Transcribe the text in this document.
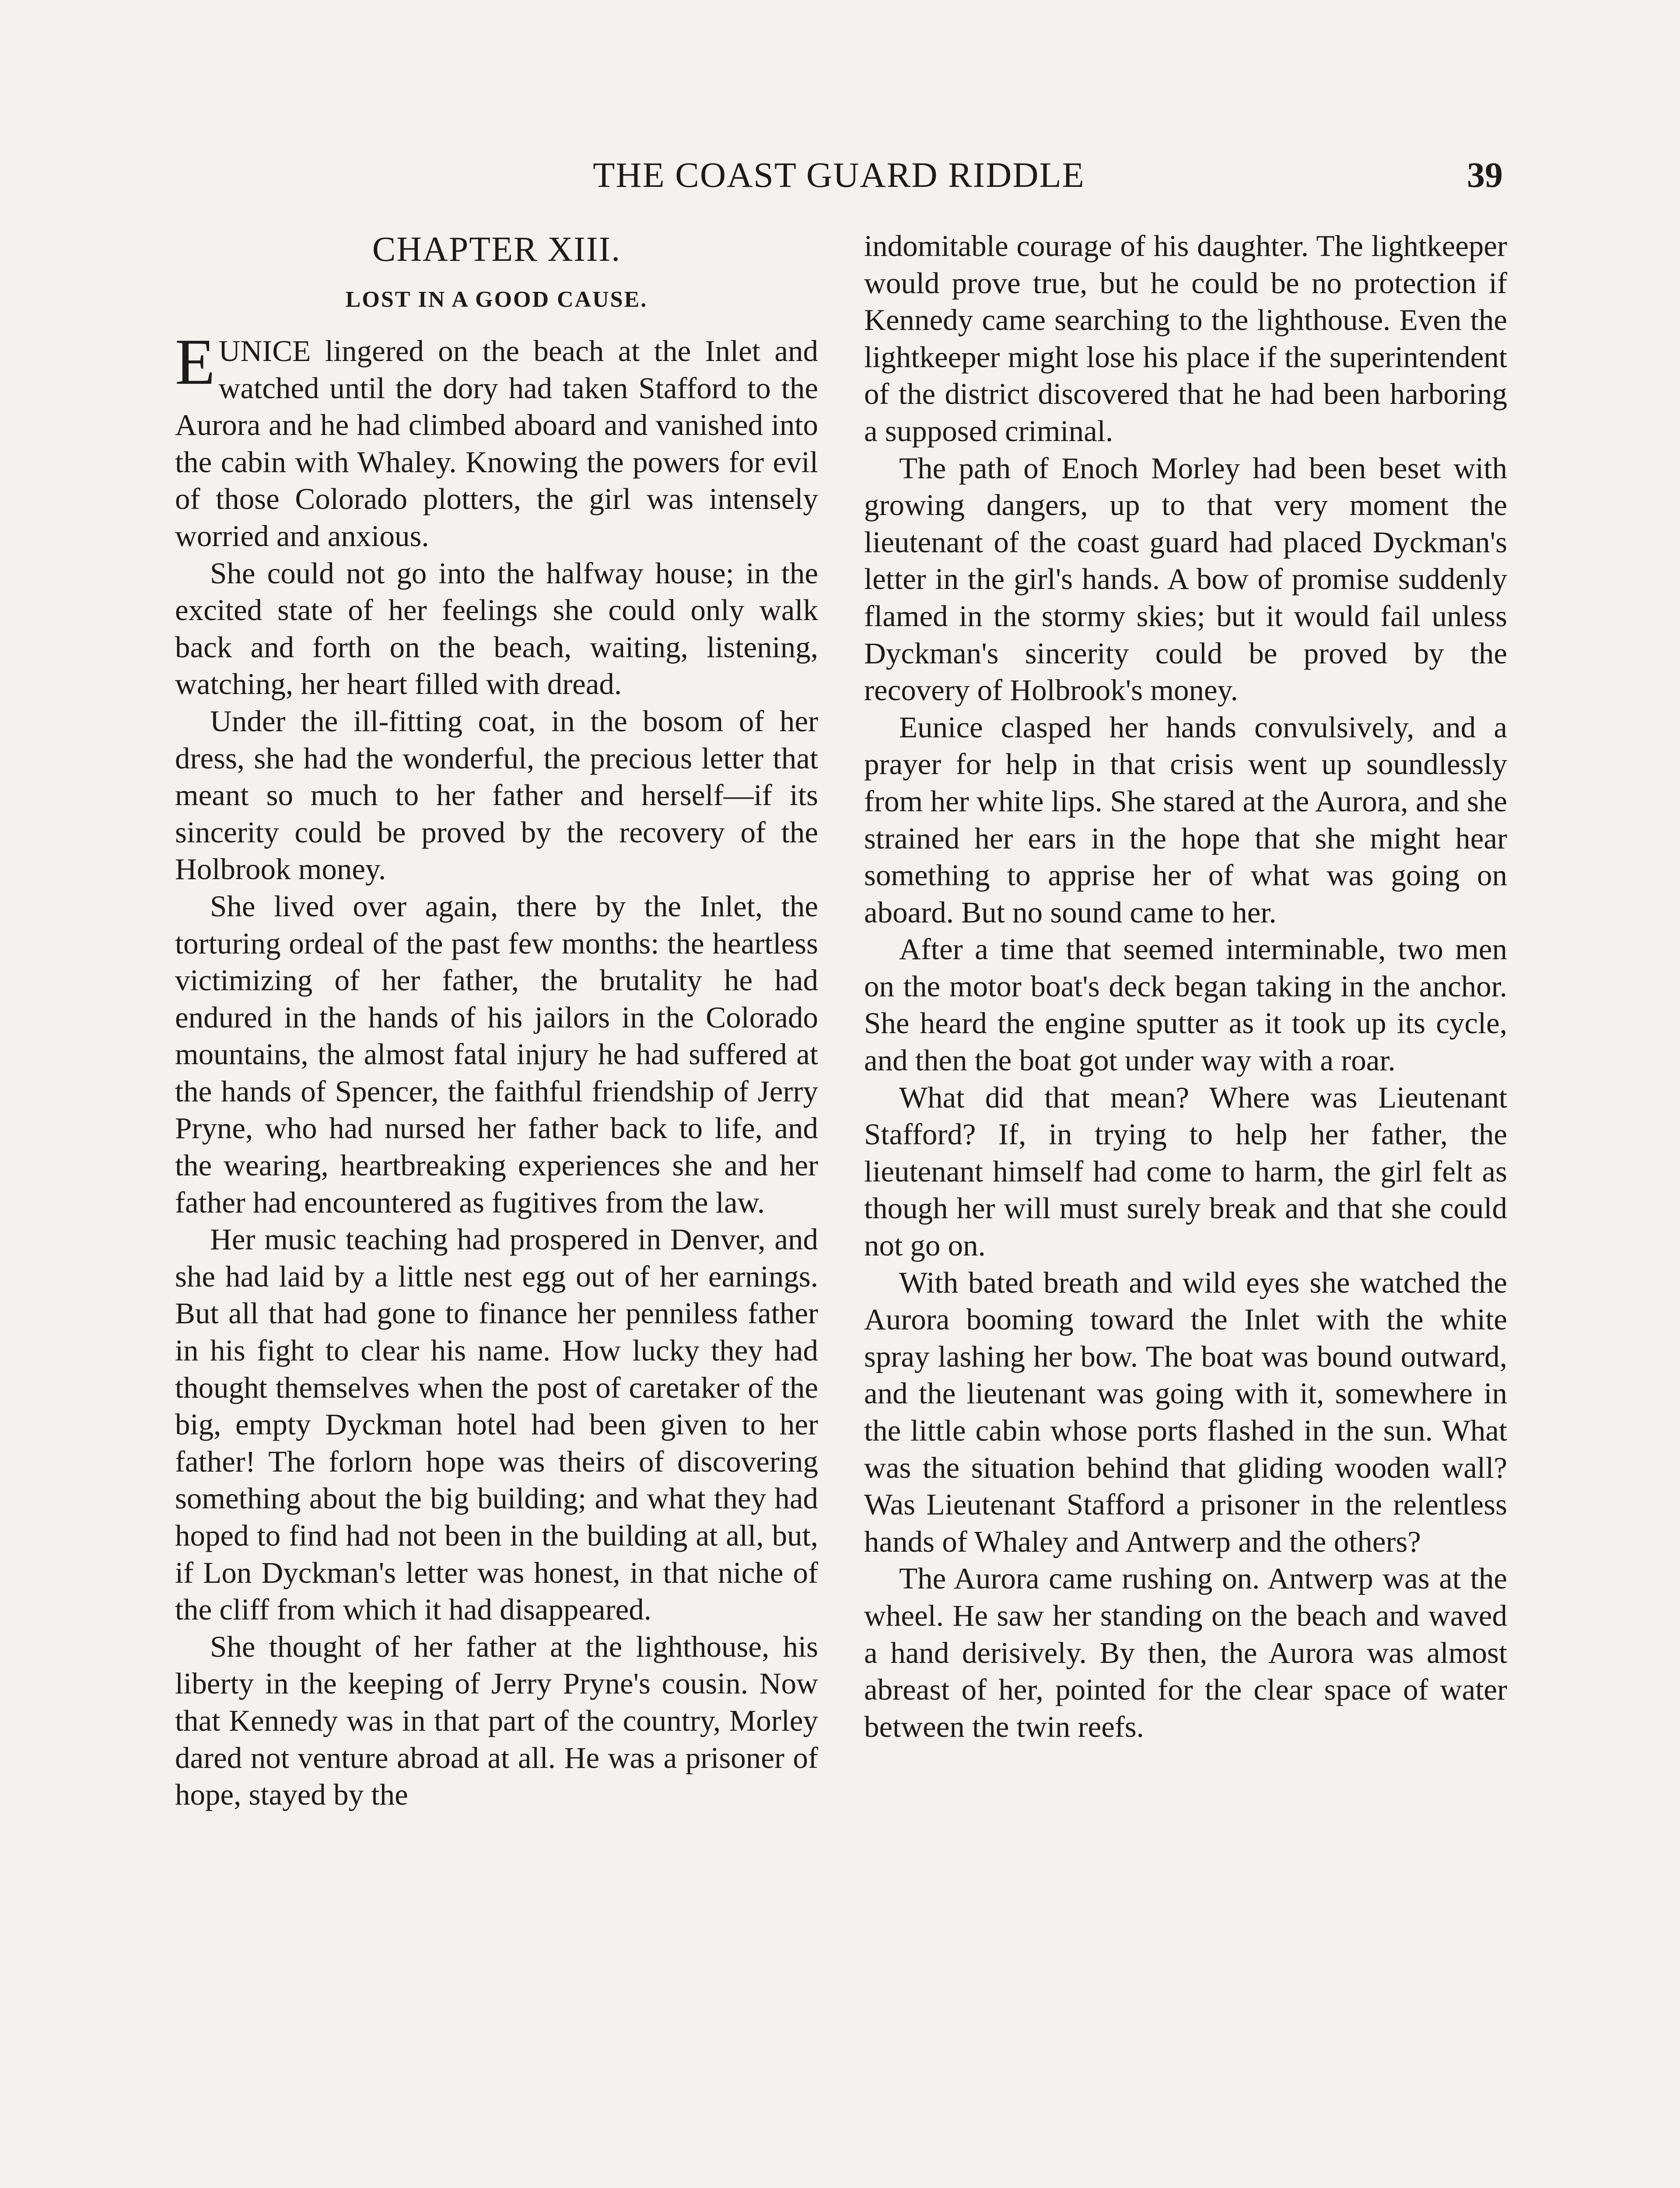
THE COAST GUARD RIDDLE	39
CHAPTER XIII.
LOST IN A GOOD CAUSE.

EUNICE lingered on the beach at the Inlet and watched until the dory had taken Stafford to the Aurora and he had climbed aboard and vanished into the cabin with Whaley. Knowing the powers for evil of those Colorado plotters, the girl was intensely worried and anxious.

She could not go into the halfway house; in the excited state of her feelings she could only walk back and forth on the beach, waiting, listening, watching, her heart filled with dread.

Under the ill-fitting coat, in the bosom of her dress, she had the wonderful, the precious letter that meant so much to her father and herself—if its sincerity could be proved by the recovery of the Holbrook money.

She lived over again, there by the Inlet, the torturing ordeal of the past few months: the heartless victimizing of her father, the brutality he had endured in the hands of his jailors in the Colorado mountains, the almost fatal injury he had suffered at the hands of Spencer, the faithful friendship of Jerry Pryne, who had nursed her father back to life, and the wearing, heartbreaking experiences she and her father had encountered as fugitives from the law.

Her music teaching had prospered in Denver, and she had laid by a little nest egg out of her earnings. But all that had gone to finance her penniless father in his fight to clear his name. How lucky they had thought themselves when the post of caretaker of the big, empty Dyckman hotel had been given to her father! The forlorn hope was theirs of discovering something about the big building; and what they had hoped to find had not been in the building at all, but, if Lon Dyckman's letter was honest, in that niche of the cliff from which it had disappeared.

She thought of her father at the lighthouse, his liberty in the keeping of Jerry Pryne's cousin. Now that Kennedy was in that part of the country, Morley dared not venture abroad at all. He was a prisoner of hope, stayed by the

indomitable courage of his daughter. The lightkeeper would prove true, but he could be no protection if Kennedy came searching to the lighthouse. Even the lightkeeper might lose his place if the superintendent of the district discovered that he had been harboring a supposed criminal.

The path of Enoch Morley had been beset with growing dangers, up to that very moment the lieutenant of the coast guard had placed Dyckman's letter in the girl's hands. A bow of promise suddenly flamed in the stormy skies; but it would fail unless Dyckman's sincerity could be proved by the recovery of Holbrook's money.

Eunice clasped her hands convulsively, and a prayer for help in that crisis went up soundlessly from her white lips. She stared at the Aurora, and she strained her ears in the hope that she might hear something to apprise her of what was going on aboard. But no sound came to her.

After a time that seemed interminable, two men on the motor boat's deck began taking in the anchor. She heard the engine sputter as it took up its cycle, and then the boat got under way with a roar.

What did that mean? Where was Lieutenant Stafford? If, in trying to help her father, the lieutenant himself had come to harm, the girl felt as though her will must surely break and that she could not go on.

With bated breath and wild eyes she watched the Aurora booming toward the Inlet with the white spray lashing her bow. The boat was bound outward, and the lieutenant was going with it, somewhere in the little cabin whose ports flashed in the sun. What was the situation behind that gliding wooden wall? Was Lieutenant Stafford a prisoner in the relentless hands of Whaley and Antwerp and the others?

The Aurora came rushing on. Antwerp was at the wheel. He saw her standing on the beach and waved a hand derisively. By then, the Aurora was almost abreast of her, pointed for the clear space of water between the twin reefs.
